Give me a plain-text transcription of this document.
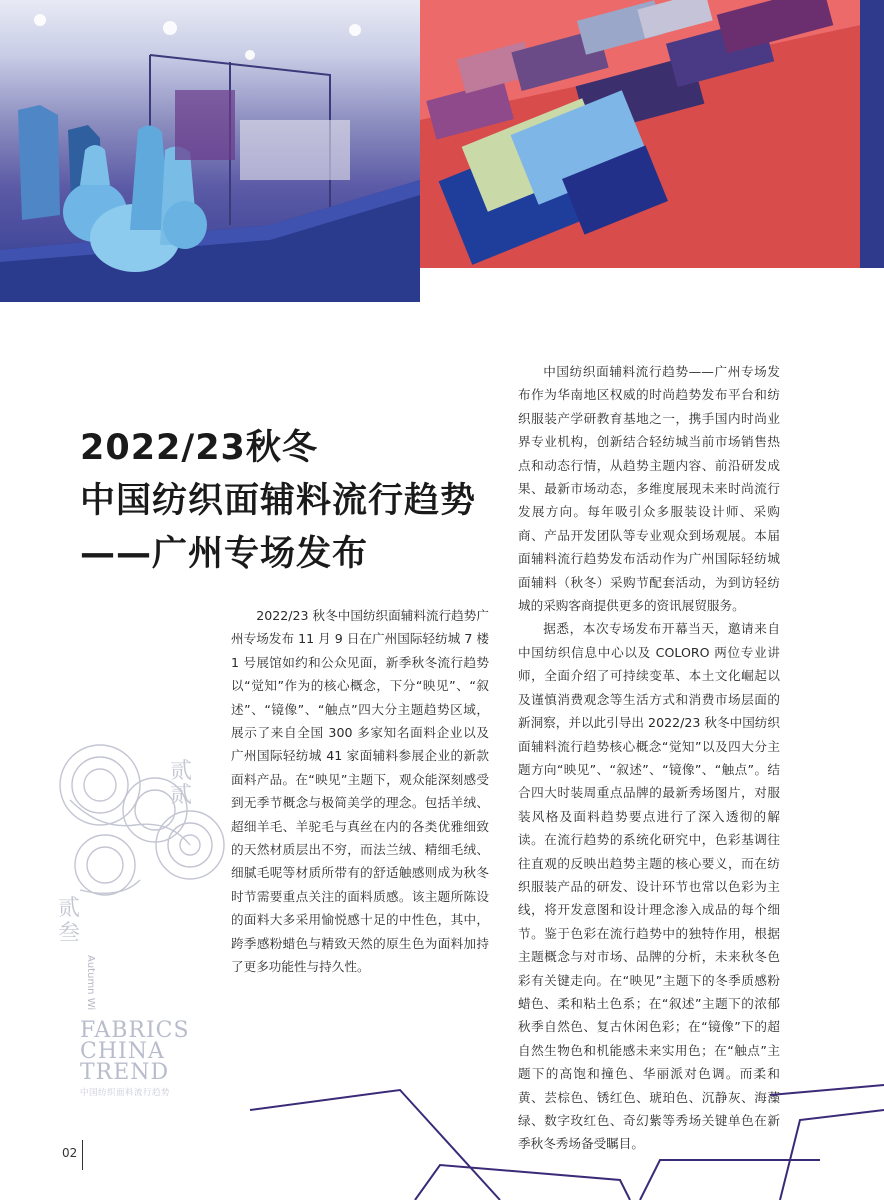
2022/23秋冬
中国纺织面辅料流行趋势
——广州专场发布

2022/23 秋冬中国纺织面辅料流行趋势广州专场发布 11 月 9 日在广州国际轻纺城 7 楼 1 号展馆如约和公众见面，新季秋冬流行趋势以“觉知”作为的核心概念，下分“映见”、“叙述”、“镜像”、“触点”四大分主题趋势区域，展示了来自全国 300 多家知名面料企业以及广州国际轻纺城 41 家面辅料参展企业的新款面料产品。在“映见”主题下，观众能深刻感受到无季节概念与极简美学的理念。包括羊绒、超细羊毛、羊驼毛与真丝在内的各类优雅细致的天然材质层出不穷，而法兰绒、精细毛绒、细腻毛呢等材质所带有的舒适触感则成为秋冬时节需要重点关注的面料质感。该主题所陈设的面料大多采用愉悦感十足的中性色，其中，跨季感粉蜡色与精致天然的原生色为面料加持了更多功能性与持久性。

中国纺织面辅料流行趋势——广州专场发布作为华南地区权威的时尚趋势发布平台和纺织服装产学研教育基地之一，携手国内时尚业界专业机构，创新结合轻纺城当前市场销售热点和动态行情，从趋势主题内容、前沿研发成果、最新市场动态，多维度展现未来时尚流行发展方向。每年吸引众多服装设计师、采购商、产品开发团队等专业观众到场观展。本届面辅料流行趋势发布活动作为广州国际轻纺城面辅料（秋冬）采购节配套活动，为到访轻纺城的采购客商提供更多的资讯展贸服务。

据悉，本次专场发布开幕当天，邀请来自中国纺织信息中心以及 COLORO 两位专业讲师，全面介绍了可持续变革、本土文化崛起以及谨慎消费观念等生活方式和消费市场层面的新洞察，并以此引导出 2022/23 秋冬中国纺织面辅料流行趋势核心概念“觉知”以及四大分主题方向“映见”、“叙述”、“镜像”、“触点”。结合四大时装周重点品牌的最新秀场图片，对服装风格及面料趋势要点进行了深入透彻的解读。在流行趋势的系统化研究中，色彩基调往往直观的反映出趋势主题的核心要义，而在纺织服装产品的研发、设计环节也常以色彩为主线，将开发意图和设计理念渗入成品的每个细节。鉴于色彩在流行趋势中的独特作用，根据主题概念与对市场、品牌的分析，未来秋冬色彩有关键走向。在“映见”主题下的冬季质感粉蜡色、柔和粘土色系；在“叙述”主题下的浓郁秋季自然色、复古休闲色彩；在“镜像”下的超自然生物色和机能感未来实用色；在“触点”主题下的高饱和撞色、华丽派对色调。而柔和黄、芸棕色、锈红色、琥珀色、沉静灰、海藻绿、数字玫红色、奇幻紫等秀场关键单色在新季秋冬秀场备受瞩目。

贰
贰
贰
叁
Autumn Winter
FABRICS
CHINA
TREND
中国纺织面料流行趋势
02
